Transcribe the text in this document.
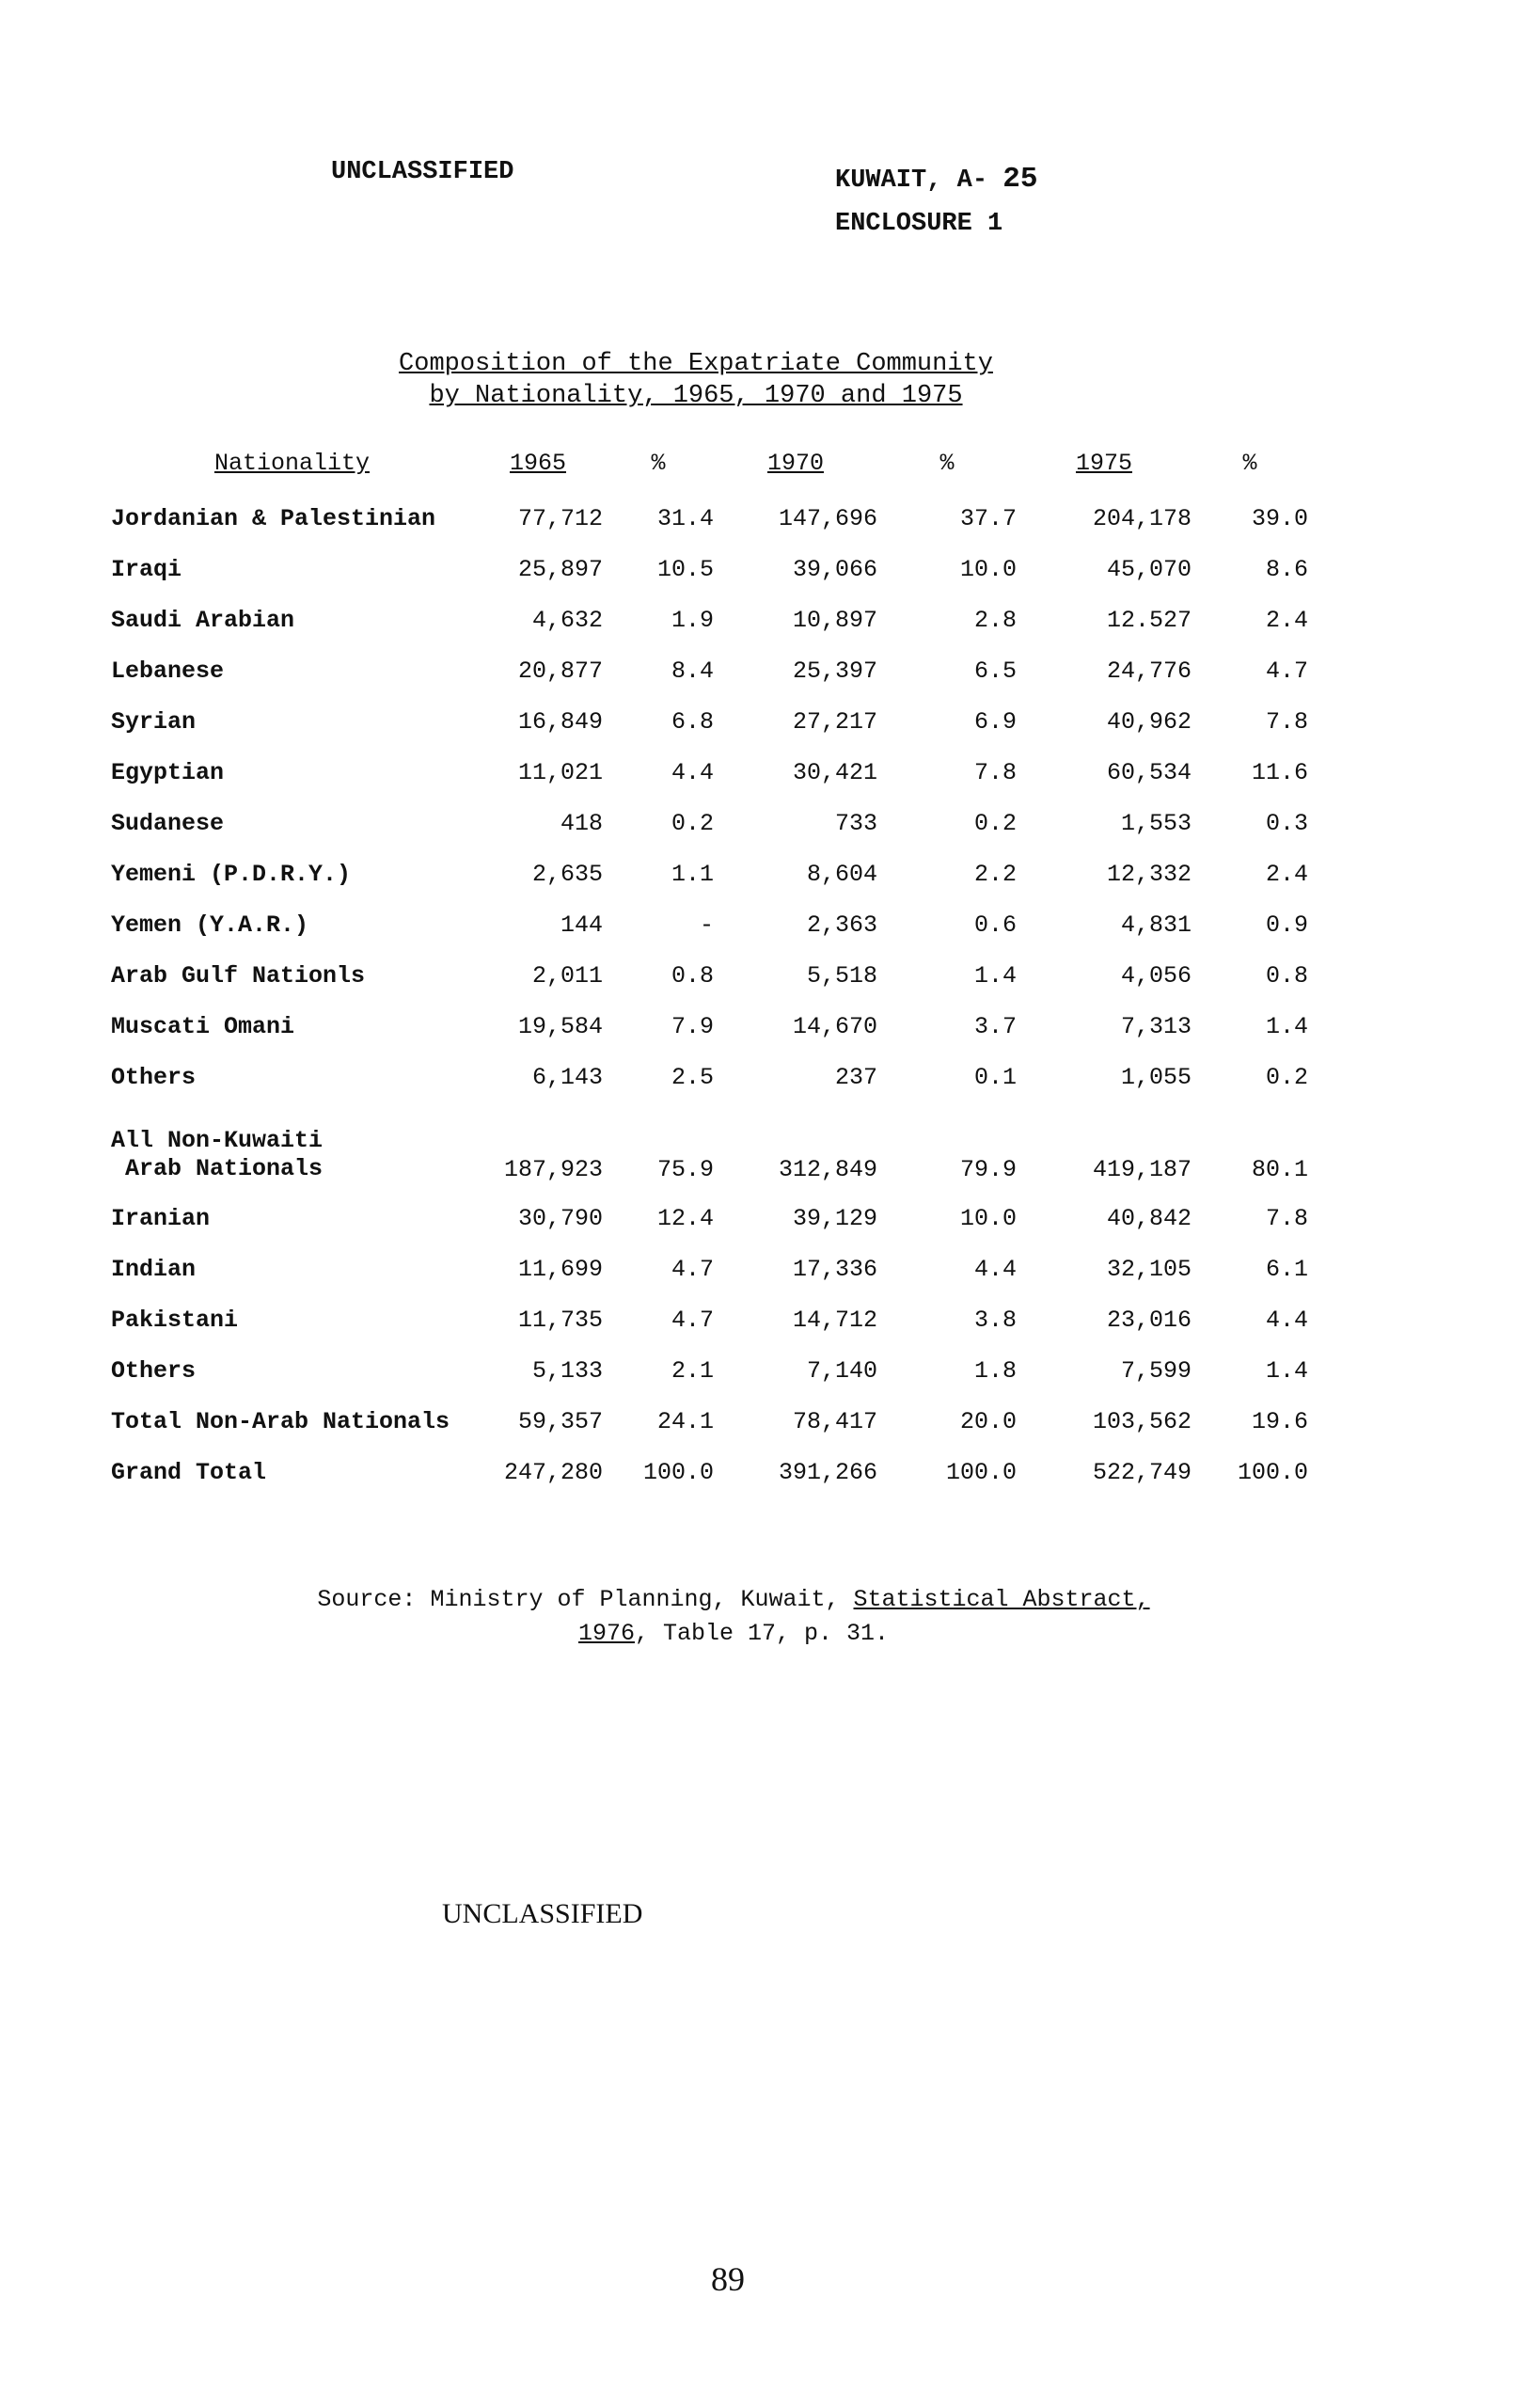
UNCLASSIFIED	KUWAIT, A- 25
ENCLOSURE 1
Composition of the Expatriate Community
by Nationality, 1965, 1970 and 1975
Nationality	1965	%	1970	%	1975	%
Jordanian & Palestinian	77,712	31.4	147,696	37.7	204,178	39.0
Iraqi	25,897	10.5	39,066	10.0	45,070	8.6
Saudi Arabian	4,632	1.9	10,897	2.8	12.527	2.4
Lebanese	20,877	8.4	25,397	6.5	24,776	4.7
Syrian	16,849	6.8	27,217	6.9	40,962	7.8
Egyptian	11,021	4.4	30,421	7.8	60,534	11.6
Sudanese	418	0.2	733	0.2	1,553	0.3
Yemeni (P.D.R.Y.)	2,635	1.1	8,604	2.2	12,332	2.4
Yemen (Y.A.R.)	144	-	2,363	0.6	4,831	0.9
Arab Gulf Nationls	2,011	0.8	5,518	1.4	4,056	0.8
Muscati Omani	19,584	7.9	14,670	3.7	7,313	1.4
Others	6,143	2.5	237	0.1	1,055	0.2

All Non-Kuwaiti
Arab Nationals	187,923	75.9	312,849	79.9	419,187	80.1
Iranian	30,790	12.4	39,129	10.0	40,842	7.8
Indian	11,699	4.7	17,336	4.4	32,105	6.1
Pakistani	11,735	4.7	14,712	3.8	23,016	4.4
Others	5,133	2.1	7,140	1.8	7,599	1.4
Total Non-Arab Nationals	59,357	24.1	78,417	20.0	103,562	19.6
Grand Total	247,280	100.0	391,266	100.0	522,749	100.0
Source: Ministry of Planning, Kuwait, Statistical Abstract,
1976, Table 17, p. 31.
UNCLASSIFIED
89
